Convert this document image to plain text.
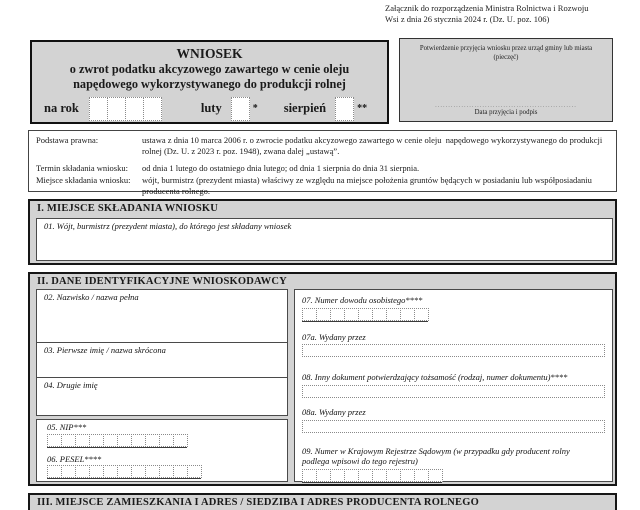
Załącznik do rozporządzenia Ministra Rolnictwa i Rozwoju
Wsi z dnia 26 stycznia 2024 r. (Dz. U. poz. 106)
WNIOSEK
o zwrot podatku akcyzowego zawartego w cenie oleju
napędowego wykorzystywanego do produkcji rolnej
na rok	luty	* sierpień	**
Potwierdzenie przyjęcia wniosku przez urząd gminy lub miasta
(pieczęć)
......................................................
Data przyjęcia i podpis
Podstawa prawna:	ustawa z dnia 10 marca 2006 r. o zwrocie podatku akcyzowego zawartego w cenie oleju  napędowego wykorzystywanego do produkcji  rolnej (Dz. U. z 2023 r. poz. 1948), zwana dalej „ustawą”.
Termin składania wniosku:	od dnia 1 lutego do ostatniego dnia lutego; od dnia 1 sierpnia do dnia 31 sierpnia.
Miejsce składania wniosku:	wójt, burmistrz (prezydent miasta) właściwy ze względu na miejsce położenia gruntów będących w posiadaniu lub współposiadaniu producenta rolnego.
I. MIEJSCE SKŁADANIA WNIOSKU
01. Wójt, burmistrz (prezydent miasta), do którego jest składany wniosek
II. DANE IDENTYFIKACYJNE WNIOSKODAWCY
02. Nazwisko / nazwa pełna
03. Pierwsze imię / nazwa skrócona
04. Drugie imię
05. NIP***
06. PESEL****
07. Numer dowodu osobistego****
07a. Wydany przez
08. Inny dokument potwierdzający tożsamość (rodzaj, numer dokumentu)****
08a. Wydany przez
09. Numer w Krajowym Rejestrze Sądowym (w przypadku gdy producent rolny podlega wpisowi do tego rejestru)
III. MIEJSCE ZAMIESZKANIA I ADRES / SIEDZIBA I ADRES PRODUCENTA ROLNEGO
